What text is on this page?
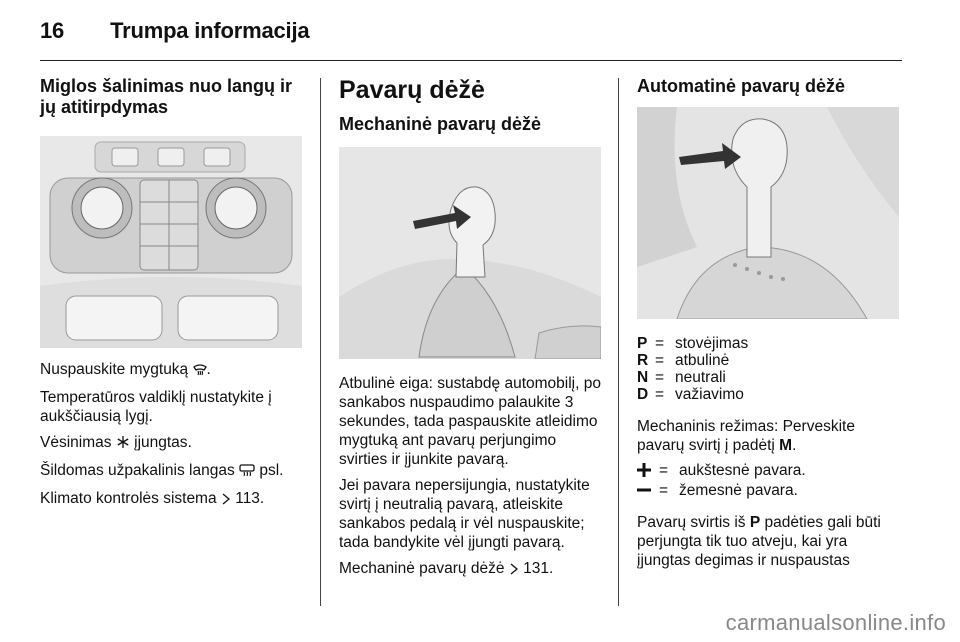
16 Trumpa informacija
Miglos šalinimas nuo langų ir jų atitirpdymas

Nuspauskite mygtuką .

Temperatūros valdiklį nustatykite į aukščiausią lygį.

Vėsinimas įjungtas.

Šildomas užpakalinis langas psl.

Klimato kontrolės sistema 113.

Pavarų dėžė
Mechaninė pavarų dėžė

Atbulinė eiga: sustabdę automobilį, po sankabos nuspaudimo palaukite 3 sekundes, tada paspauskite atleidimo mygtuką ant pavarų perjungimo svirties ir įjunkite pavarą.

Jei pavara nepersijungia, nustatykite svirtį į neutralią pavarą, atleiskite sankabos pedalą ir vėl nuspauskite; tada bandykite vėl įjungti pavarą.

Mechaninė pavarų dėžė 131.

Automatinė pavarų dėžė
P = stovėjimas
R = atbulinė
N = neutrali
D = važiavimo

Mechaninis režimas: Perveskite pavarų svirtį į padėtį M.

= aukštesnė pavara.
= žemesnė pavara.

Pavarų svirtis iš P padėties gali būti perjungta tik tuo atveju, kai yra įjungtas degimas ir nuspaustas

carmanualsonline.info
